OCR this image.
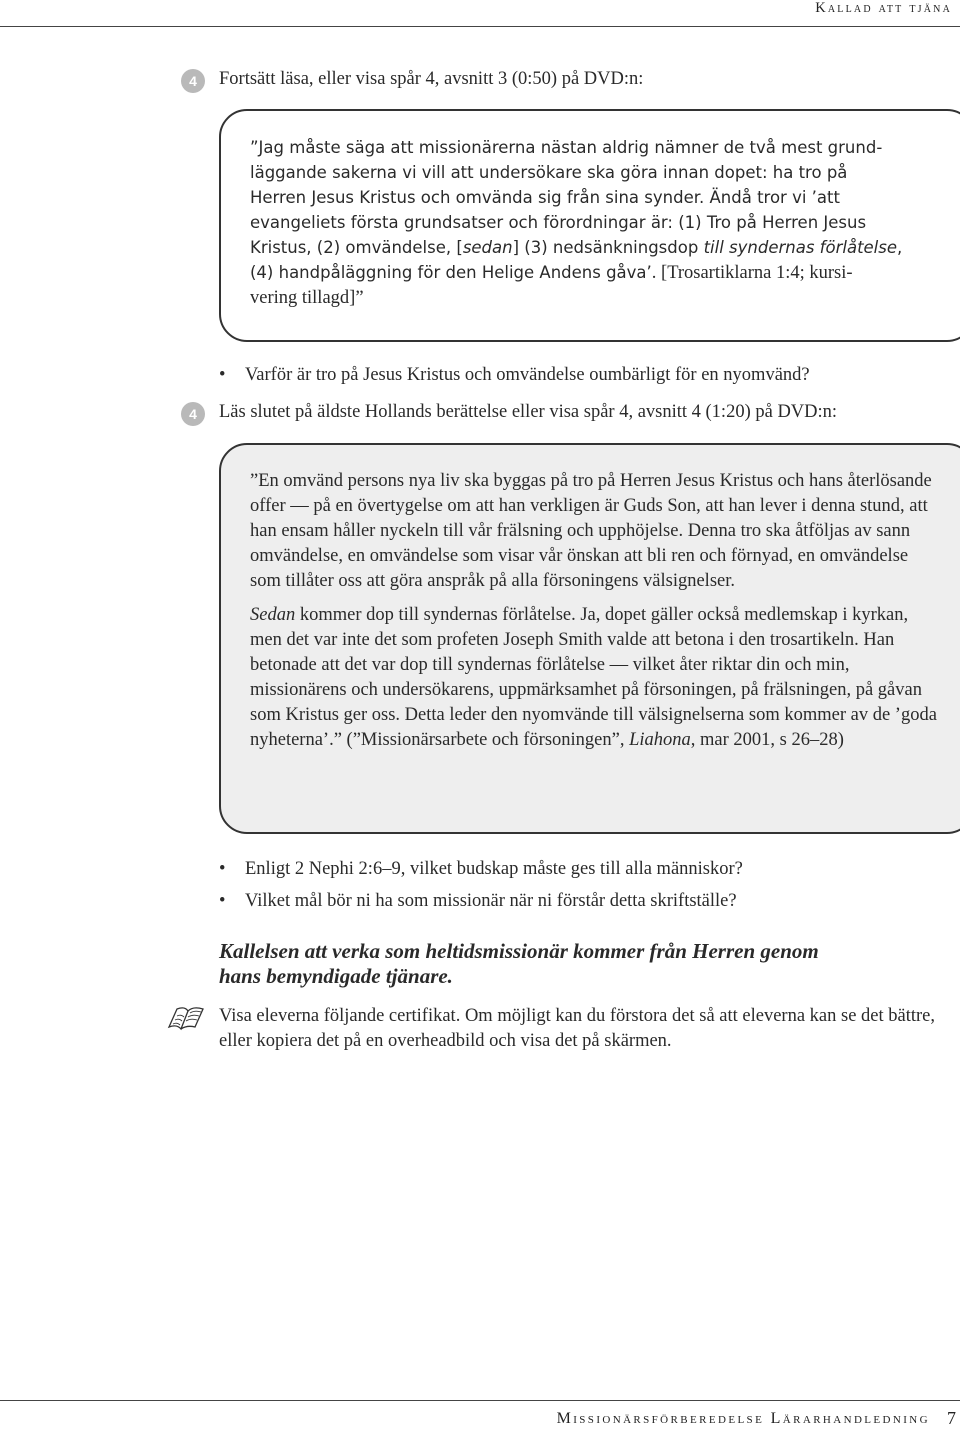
Kallad att tjäna
4	Fortsätt läsa, eller visa spår 4, avsnitt 3 (0:50) på DVD:n:
”Jag måste säga att missionärerna nästan aldrig nämner de två mest grund-
läggande sakerna vi vill att undersökare ska göra innan dopet: ha tro på
Herren Jesus Kristus och omvända sig från sina synder. Ändå tror vi ’att
evangeliets första grundsatser och förordningar är: (1) Tro på Herren Jesus
Kristus, (2) omvändelse, [sedan] (3) nedsänkningsdop till syndernas förlåtelse,
(4) handpåläggning för den Helige Andens gåva’. [Trosartiklarna 1:4; kursi-
vering tillagd]”
•	Varför är tro på Jesus Kristus och omvändelse oumbärligt för en nyomvänd?
4	Läs slutet på äldste Hollands berättelse eller visa spår 4, avsnitt 4 (1:20) på DVD:n:

”En omvänd persons nya liv ska byggas på tro på Herren Jesus Kristus och hans återlösande offer — på en övertygelse om att han verkligen är Guds Son, att han lever i denna stund, att han ensam håller nyckeln till vår frälsning och upphöjelse. Denna tro ska åtföljas av sann omvändelse, en omvändelse som visar vår önskan att bli ren och förnyad, en omvändelse som tillåter oss att göra anspråk på alla försoningens välsignelser.

Sedan kommer dop till syndernas förlåtelse. Ja, dopet gäller också medlemskap i kyrkan, men det var inte det som profeten Joseph Smith valde att betona i den trosartikeln. Han betonade att det var dop till syndernas förlåtelse — vilket åter riktar din och min, missionärens och undersökarens, uppmärksamhet på försoningen, på frälsningen, på gåvan som Kristus ger oss. Detta leder den nyomvände till välsignelserna som kommer av de ’goda nyheterna’.” (”Missionärsarbete och försoningen”, Liahona, mar 2001, s 26–28)

•	Enligt 2 Nephi 2:6–9, vilket budskap måste ges till alla människor?
•	Vilket mål bör ni ha som missionär när ni förstår detta skriftställe?
Kallelsen att verka som heltidsmissionär kommer från Herren genom
hans bemyndigade tjänare.
Visa eleverna följande certifikat. Om möjligt kan du förstora det så att eleverna kan se det bättre, eller kopiera det på en overheadbild och visa det på skärmen.
Missionärsförberedelse Lärarhandledning 7
